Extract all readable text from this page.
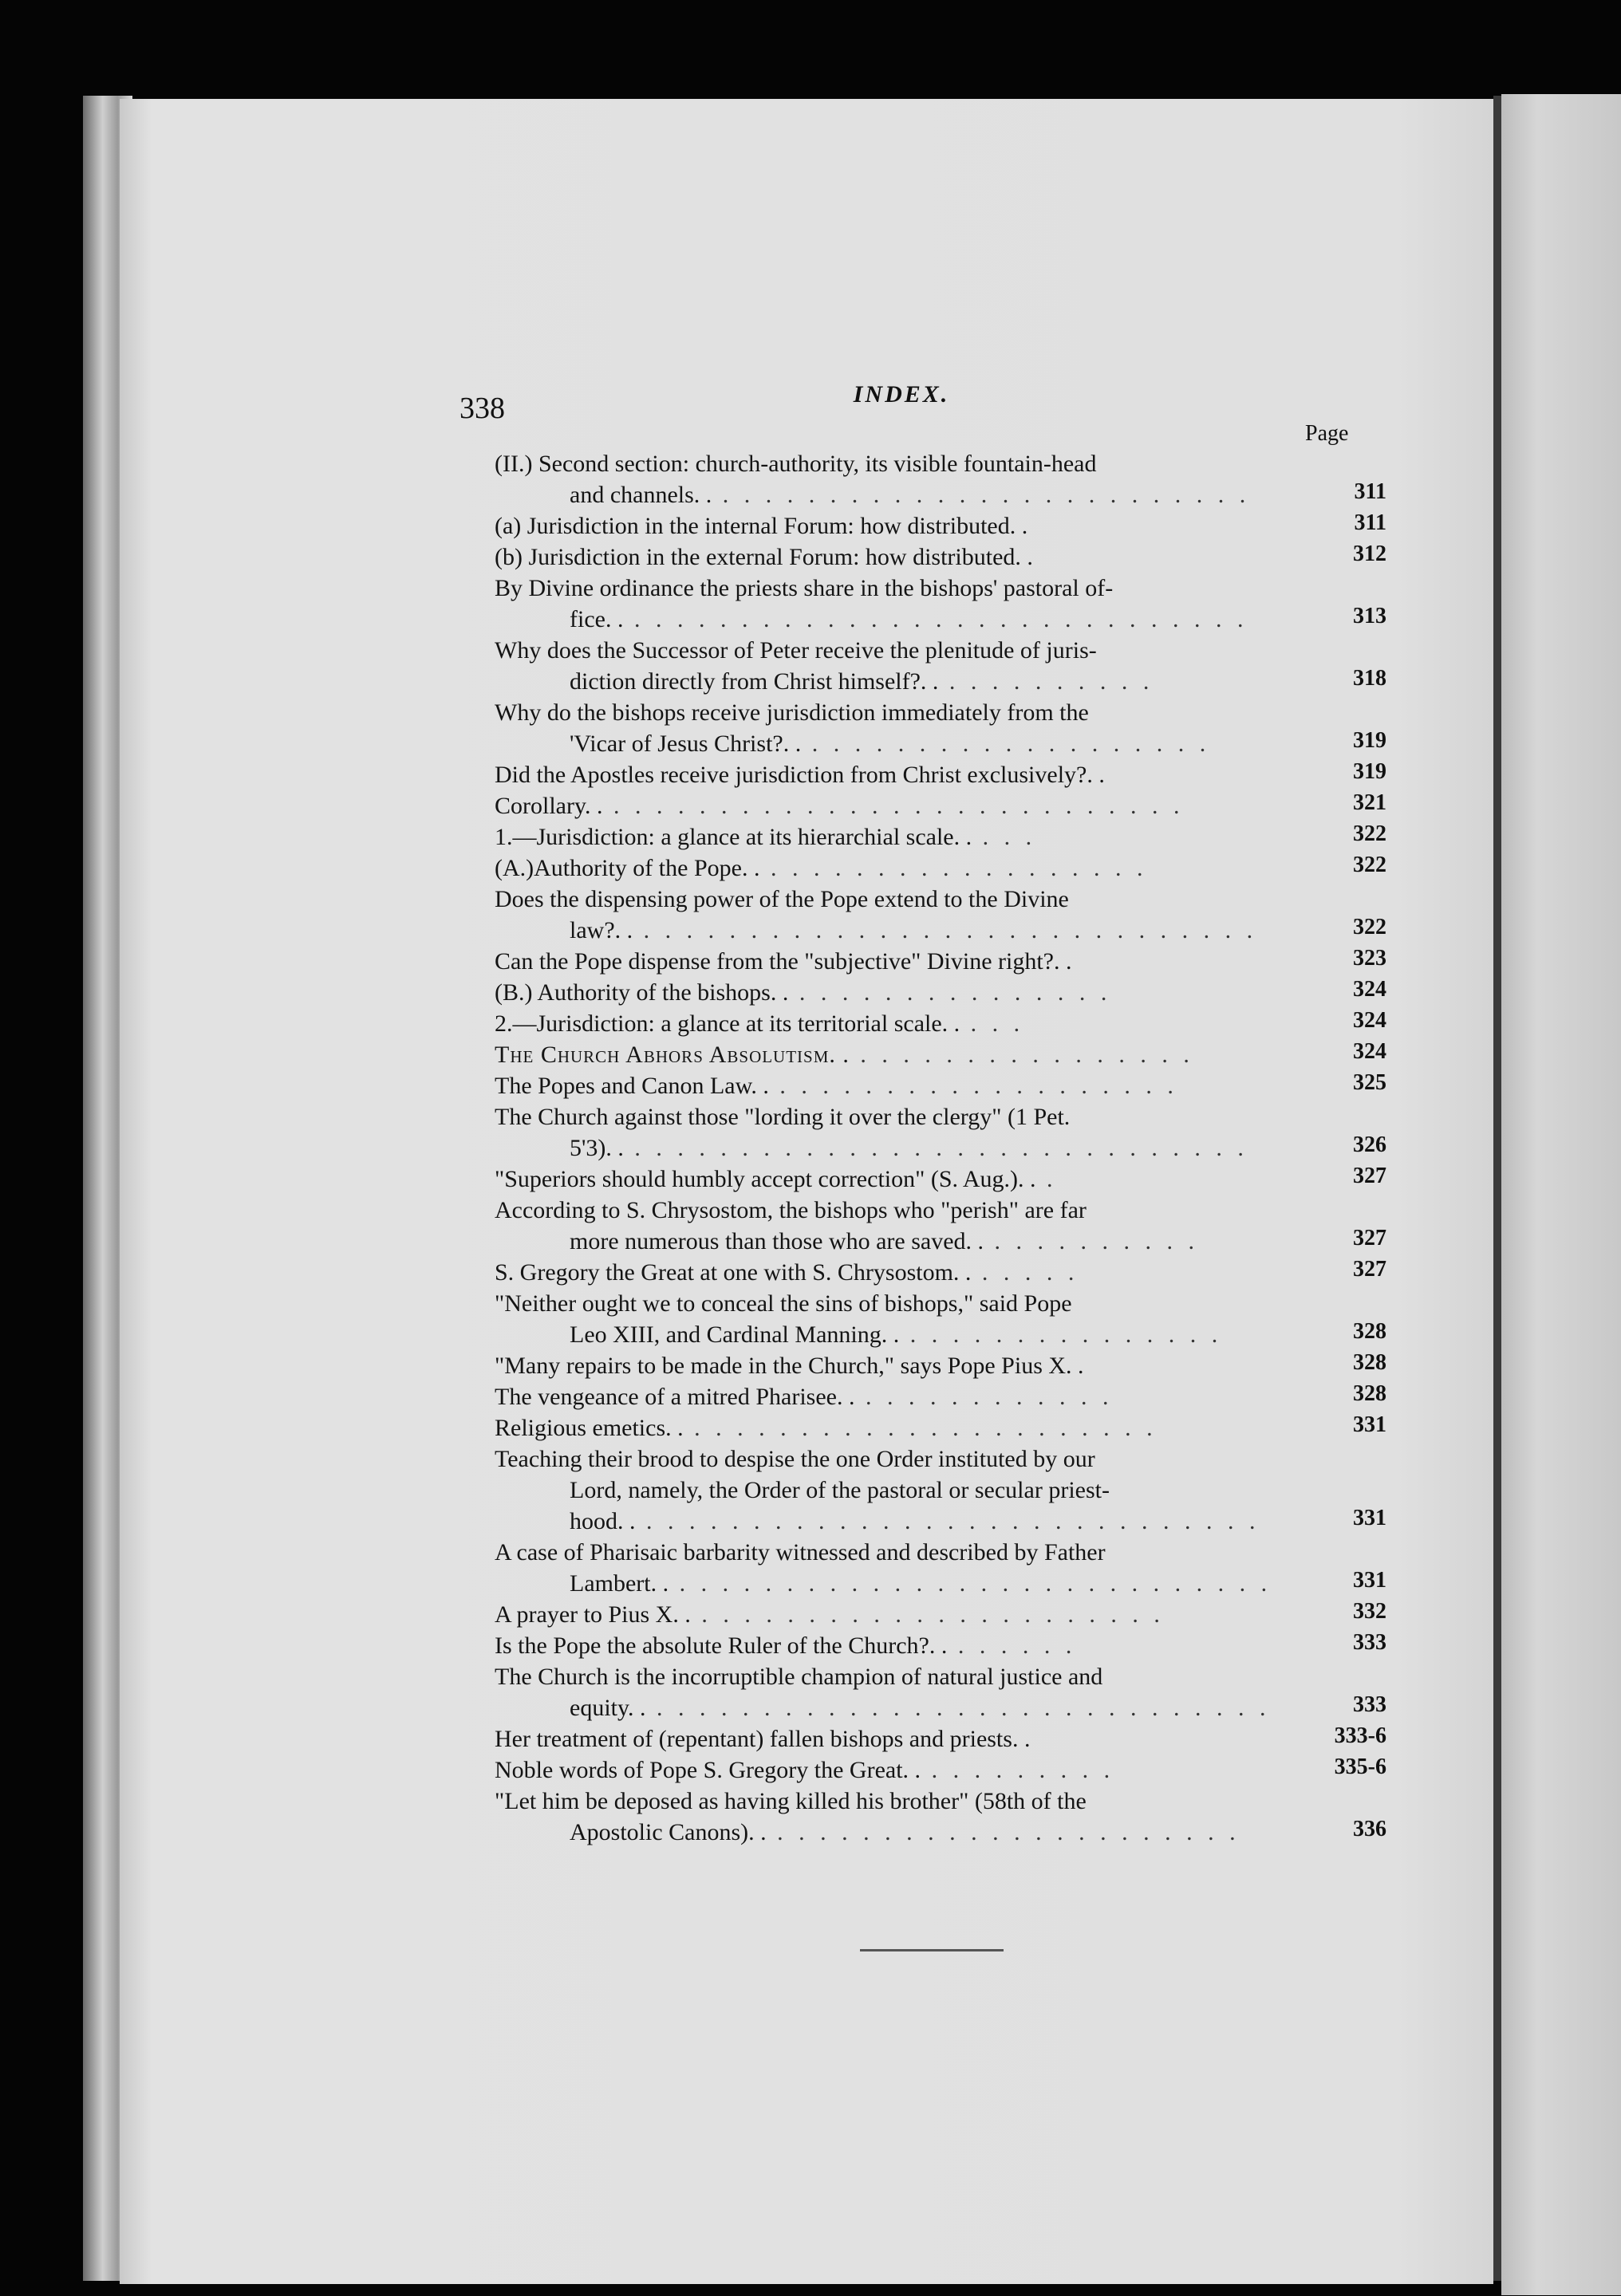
338	INDEX.
Page
(II.) Second section: church-authority, its visible fountain-head
and channels. . . . . . . . . . . . . . . . . . . . . . . . . . .	311
(a) Jurisdiction in the internal Forum: how distributed. .	311
(b) Jurisdiction in the external Forum: how distributed. .	312
By Divine ordinance the priests share in the bishops' pastoral of-
fice. . . . . . . . . . . . . . . . . . . . . . . . . . . . . . .	313
Why does the Successor of Peter receive the plenitude of juris-
diction directly from Christ himself?. . . . . . . . . . . .	318
Why do the bishops receive jurisdiction immediately from the
'Vicar of Jesus Christ?. . . . . . . . . . . . . . . . . . . . .	319
Did the Apostles receive jurisdiction from Christ exclusively?. .	319
Corollary. . . . . . . . . . . . . . . . . . . . . . . . . . . . .	321
1.—Jurisdiction: a glance at its hierarchial scale. . . . .	322
(A.)Authority of the Pope. . . . . . . . . . . . . . . . . . . .	322
Does the dispensing power of the Pope extend to the Divine
law?. . . . . . . . . . . . . . . . . . . . . . . . . . . . . . .	322
Can the Pope dispense from the "subjective" Divine right?. .	323
(B.) Authority of the bishops. . . . . . . . . . . . . . . . .	324
2.—Jurisdiction: a glance at its territorial scale. . . . .	324
The Church Abhors Absolutism. . . . . . . . . . . . . . . . . .	324
The Popes and Canon Law. . . . . . . . . . . . . . . . . . . . .	325
The Church against those "lording it over the clergy" (1 Pet.
5'3). . . . . . . . . . . . . . . . . . . . . . . . . . . . . . .	326
"Superiors should humbly accept correction" (S. Aug.). . .	327
According to S. Chrysostom, the bishops who "perish" are far
more numerous than those who are saved. . . . . . . . . . . .	327
S. Gregory the Great at one with S. Chrysostom. . . . . . .	327
"Neither ought we to conceal the sins of bishops," said Pope
Leo XIII, and Cardinal Manning. . . . . . . . . . . . . . . . .	328
"Many repairs to be made in the Church," says Pope Pius X. .	328
The vengeance of a mitred Pharisee. . . . . . . . . . . . . .	328
Religious emetics. . . . . . . . . . . . . . . . . . . . . . . .	331
Teaching their brood to despise the one Order instituted by our
Lord, namely, the Order of the pastoral or secular priest-
hood. . . . . . . . . . . . . . . . . . . . . . . . . . . . . . .	331
A case of Pharisaic barbarity witnessed and described by Father
Lambert. . . . . . . . . . . . . . . . . . . . . . . . . . . . . .	331
A prayer to Pius X. . . . . . . . . . . . . . . . . . . . . . . .	332
Is the Pope the absolute Ruler of the Church?. . . . . . . .	333
The Church is the incorruptible champion of natural justice and
equity. . . . . . . . . . . . . . . . . . . . . . . . . . . . . . .	333
Her treatment of (repentant) fallen bishops and priests. .	333-6
Noble words of Pope S. Gregory the Great. . . . . . . . . . .	335-6
"Let him be deposed as having killed his brother" (58th of the
Apostolic Canons). . . . . . . . . . . . . . . . . . . . . . . .	336
